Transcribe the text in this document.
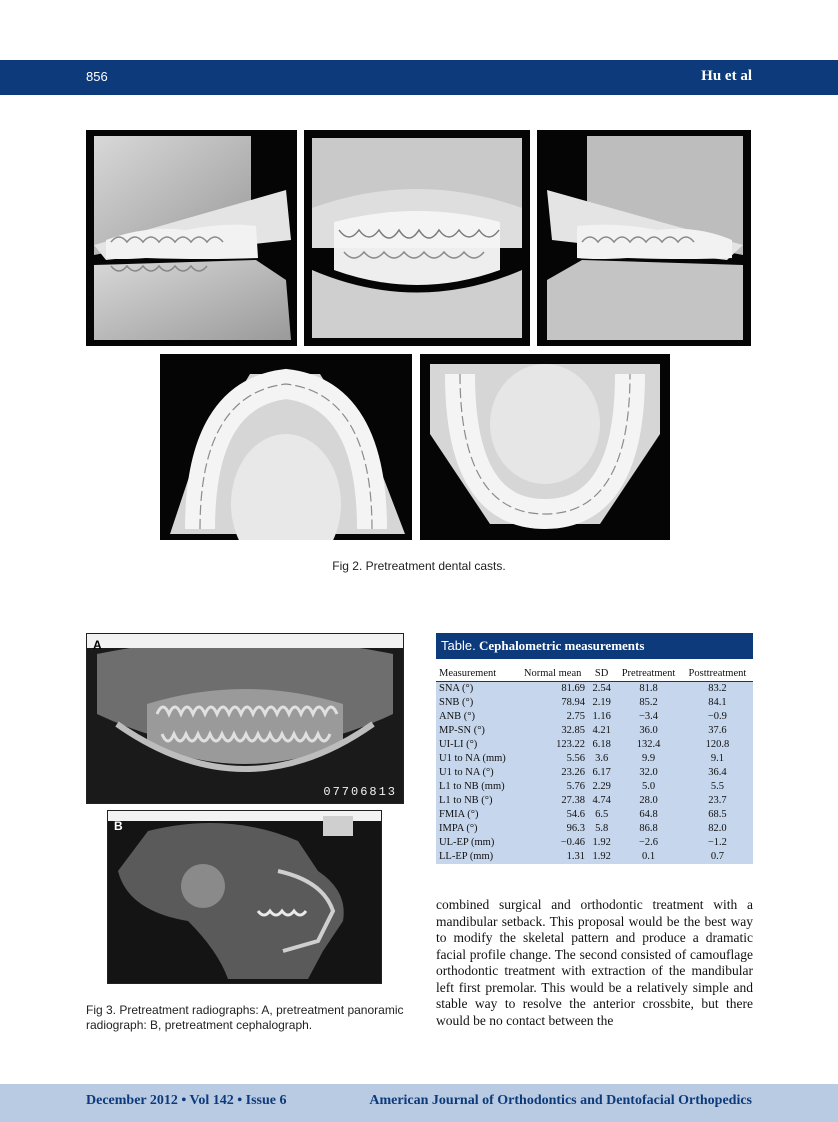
856	Hu et al
Fig 2. Pretreatment dental casts.
A
07706813
B
Fig 3. Pretreatment radiographs: A, pretreatment panoramic radiograph: B, pretreatment cephalograph.
Table. Cephalometric measurements
Measurement	Normal mean	SD	Pretreatment	Posttreatment
SNA (°)	81.69	2.54	81.8	83.2
SNB (°)	78.94	2.19	85.2	84.1
ANB (°)	2.75	1.16	−3.4	−0.9
MP-SN (°)	32.85	4.21	36.0	37.6
UI-LI (°)	123.22	6.18	132.4	120.8
U1 to NA (mm)	5.56	3.6	9.9	9.1
U1 to NA (°)	23.26	6.17	32.0	36.4
L1 to NB (mm)	5.76	2.29	5.0	5.5
L1 to NB (°)	27.38	4.74	28.0	23.7
FMIA (°)	54.6	6.5	64.8	68.5
IMPA (°)	96.3	5.8	86.8	82.0
UL-EP (mm)	−0.46	1.92	−2.6	−1.2
LL-EP (mm)	1.31	1.92	0.1	0.7
combined surgical and orthodontic treatment with a mandibular setback. This proposal would be the best way to modify the skeletal pattern and produce a dramatic facial profile change. The second consisted of camouflage orthodontic treatment with extraction of the mandibular left first premolar. This would be a relatively simple and stable way to resolve the anterior crossbite, but there would be no contact between the
December 2012 • Vol 142 • Issue 6	American Journal of Orthodontics and Dentofacial Orthopedics
